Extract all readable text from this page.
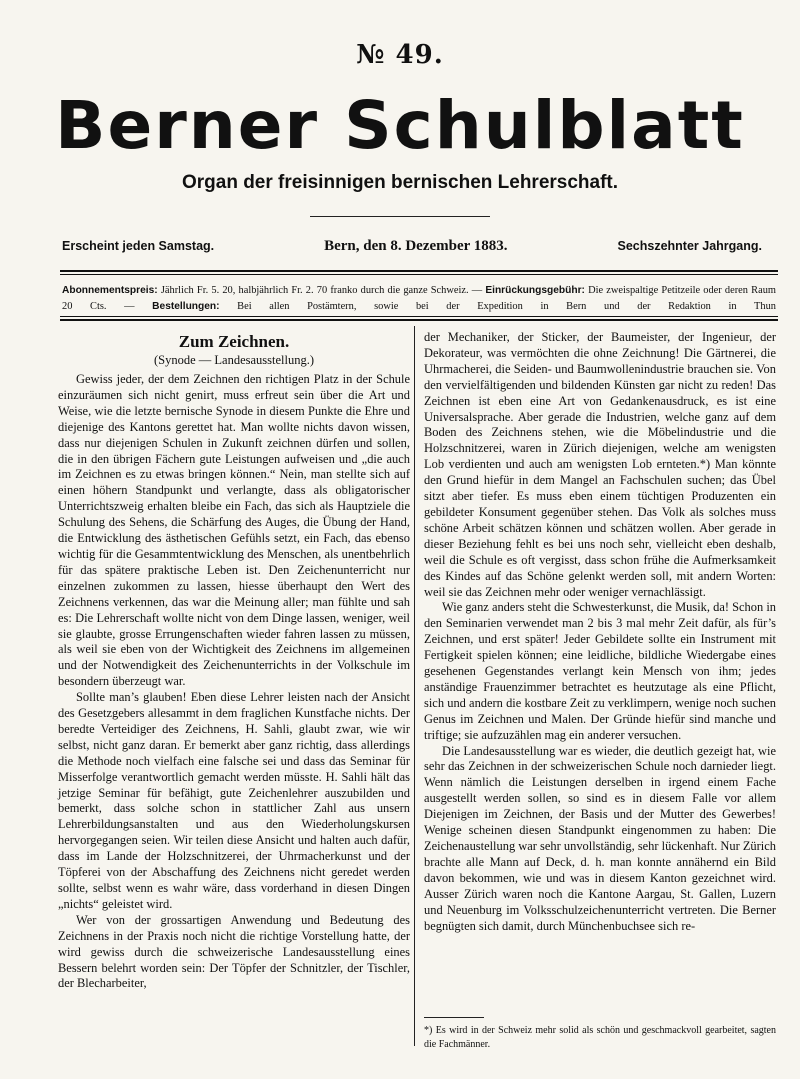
№ 49.
Berner Schulblatt
Organ der freisinnigen bernischen Lehrerschaft.
Erscheint jeden Samstag.	Bern, den 8. Dezember 1883.	Sechszehnter Jahrgang.
Abonnementspreis: Jährlich Fr. 5. 20, halbjährlich Fr. 2. 70 franko durch die ganze Schweiz. — Einrückungsgebühr: Die zweispaltige Petitzeile oder deren Raum 20 Cts. — Bestellungen: Bei allen Postämtern, sowie bei der Expedition in Bern und der Redaktion in Thun
Zum Zeichnen.
(Synode — Landesausstellung.)

Gewiss jeder, der dem Zeichnen den richtigen Platz in der Schule einzuräumen sich nicht genirt, muss erfreut sein über die Art und Weise, wie die letzte bernische Synode in diesem Punkte die Ehre und diejenige des Kantons gerettet hat. Man wollte nichts davon wissen, dass nur diejenigen Schulen in Zukunft zeichnen dürfen und sollen, die in den übrigen Fächern gute Leistungen aufweisen und „die auch im Zeichnen es zu etwas bringen können.“ Nein, man stellte sich auf einen höhern Standpunkt und verlangte, dass als obligatorischer Unterrichtszweig erhalten bleibe ein Fach, das sich als Hauptziele die Schulung des Sehens, die Schärfung des Auges, die Übung der Hand, die Entwicklung des ästhetischen Gefühls setzt, ein Fach, das ebenso wichtig für die Gesammtentwicklung des Menschen, als unentbehrlich für das spätere praktische Leben ist. Den Zeichenunterricht nur einzelnen zukommen zu lassen, hiesse überhaupt den Wert des Zeichnens verkennen, das war die Meinung aller; man fühlte und sah es: Die Lehrerschaft wollte nicht von dem Dinge lassen, weniger, weil sie glaubte, grosse Errungenschaften wieder fahren lassen zu müssen, als weil sie eben von der Wichtigkeit des Zeichnens im allgemeinen und der Notwendigkeit des Zeichenunterrichts in der Volkschule im besondern überzeugt war.

Sollte man’s glauben! Eben diese Lehrer leisten nach der Ansicht des Gesetzgebers allesammt in dem fraglichen Kunstfache nichts. Der beredte Verteidiger des Zeichnens, H. Sahli, glaubt zwar, wie wir selbst, nicht ganz daran. Er bemerkt aber ganz richtig, dass allerdings die Methode noch vielfach eine falsche sei und dass das Seminar für Misserfolge verantwortlich gemacht werden müsste. H. Sahli hält das jetzige Seminar für befähigt, gute Zeichenlehrer auszubilden und bemerkt, dass solche schon in stattlicher Zahl aus unsern Lehrerbildungsanstalten und aus den Wiederholungskursen hervorgegangen seien. Wir teilen diese Ansicht und halten auch dafür, dass im Lande der Holzschnitzerei, der Uhrmacherkunst und der Töpferei von der Abschaffung des Zeichnens nicht geredet werden sollte, selbst wenn es wahr wäre, dass vorderhand in diesen Dingen „nichts“ geleistet wird.

Wer von der grossartigen Anwendung und Bedeutung des Zeichnens in der Praxis noch nicht die richtige Vorstellung hatte, der wird gewiss durch die schweizerische Landesausstellung eines Bessern belehrt worden sein: Der Töpfer der Schnitzler, der Tischler, der Blecharbeiter,

der Mechaniker, der Sticker, der Baumeister, der Ingenieur, der Dekorateur, was vermöchten die ohne Zeichnung! Die Gärtnerei, die Uhrmacherei, die Seiden- und Baumwollenindustrie brauchen sie. Von den vervielfältigenden und bildenden Künsten gar nicht zu reden! Das Zeichnen ist eben eine Art von Gedankenausdruck, es ist eine Universalsprache. Aber gerade die Industrien, welche ganz auf dem Boden des Zeichnens stehen, wie die Möbelindustrie und die Holzschnitzerei, waren in Zürich diejenigen, welche am wenigsten Lob verdienten und auch am wenigsten Lob ernteten.*) Man könnte den Grund hiefür in dem Mangel an Fachschulen suchen; das Übel sitzt aber tiefer. Es muss eben einem tüchtigen Produzenten ein gebildeter Konsument gegenüber stehen. Das Volk als solches muss schöne Arbeit schätzen können und schätzen wollen. Aber gerade in dieser Beziehung fehlt es bei uns noch sehr, vielleicht eben deshalb, weil die Schule es oft vergisst, dass schon frühe die Aufmerksamkeit des Kindes auf das Schöne gelenkt werden soll, mit andern Worten: weil sie das Zeichnen mehr oder weniger vernachlässigt.

Wie ganz anders steht die Schwesterkunst, die Musik, da! Schon in den Seminarien verwendet man 2 bis 3 mal mehr Zeit dafür, als für’s Zeichnen, und erst später! Jeder Gebildete sollte ein Instrument mit Fertigkeit spielen können; eine leidliche, bildliche Wiedergabe eines gesehenen Gegenstandes verlangt kein Mensch von ihm; jedes anständige Frauenzimmer betrachtet es heutzutage als eine Pflicht, sich und andern die kostbare Zeit zu verklimpern, wenige noch suchen Genus im Zeichnen und Malen. Der Gründe hiefür sind manche und triftige; sie aufzuzählen mag ein anderer versuchen.

Die Landesausstellung war es wieder, die deutlich gezeigt hat, wie sehr das Zeichnen in der schweizerischen Schule noch darnieder liegt. Wenn nämlich die Leistungen derselben in irgend einem Fache ausgestellt werden sollen, so sind es in diesem Falle vor allem Diejenigen im Zeichnen, der Basis und der Mutter des Gewerbes! Wenige scheinen diesen Standpunkt eingenommen zu haben: Die Zeichenaustellung war sehr unvollständig, sehr lückenhaft. Nur Zürich brachte alle Mann auf Deck, d. h. man konnte annähernd ein Bild davon bekommen, wie und was in diesem Kanton gezeichnet wird. Ausser Zürich waren noch die Kantone Aargau, St. Gallen, Luzern und Neuenburg im Volksschulzeichenunterricht vertreten. Die Berner begnügten sich damit, durch Münchenbuchsee sich re-

*) Es wird in der Schweiz mehr solid als schön und geschmackvoll gearbeitet, sagten die Fachmänner.
